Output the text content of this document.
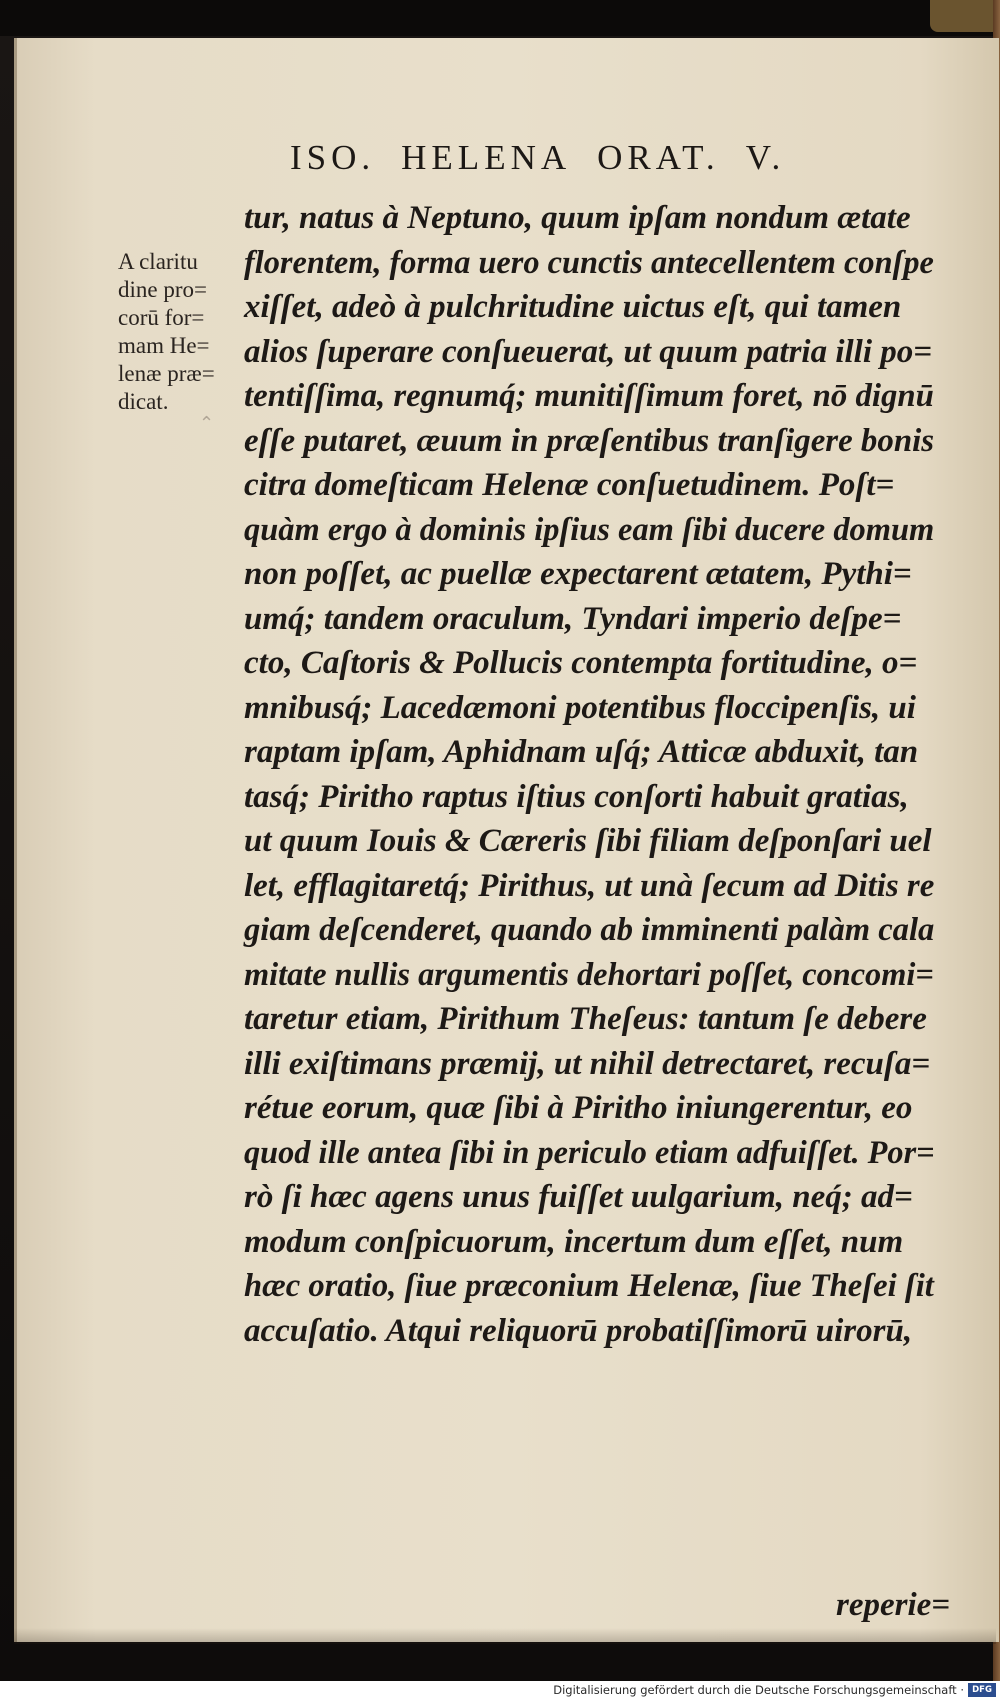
ISO. HELENA ORAT. V.
A claritu
dine pro=
corū for=
mam He=
lenæ præ=
dicat.
⌃
tur, natus à Neptuno, quum ipſam nondum ætate
florentem, forma uero cunctis antecellentem conſpe
xiſſet, adeò à pulchritudine uictus eſt, qui tamen
alios ſuperare conſueuerat, ut quum patria illi po=
tentiſſima, regnumq́; munitiſſimum foret, nō dignū
eſſe putaret, æuum in præſentibus tranſigere bonis
citra domeſticam Helenæ conſuetudinem. Poſt=
quàm ergo à dominis ipſius eam ſibi ducere domum
non poſſet, ac puellæ expectarent ætatem, Pythi=
umq́; tandem oraculum, Tyndari imperio deſpe=
cto, Caſtoris & Pollucis contempta fortitudine, o=
mnibusq́; Lacedæmoni potentibus floccipenſis, ui
raptam ipſam, Aphidnam uſq́; Atticæ abduxit, tan
tasq́; Piritho raptus iſtius conſorti habuit gratias,
ut quum Iouis & Cæreris ſibi filiam deſponſari uel
let, efflagitaretq́; Pirithus, ut unà ſecum ad Ditis re
giam deſcenderet, quando ab imminenti palàm cala
mitate nullis argumentis dehortari poſſet, concomi=
taretur etiam, Pirithum Theſeus: tantum ſe debere
illi exiſtimans præmij, ut nihil detrectaret, recuſa=
rétue eorum, quæ ſibi à Piritho iniungerentur, eo
quod ille antea ſibi in periculo etiam adfuiſſet. Por=
rò ſi hæc agens unus fuiſſet uulgarium, neq́; ad=
modum conſpicuorum, incertum dum eſſet, num
hæc oratio, ſiue præconium Helenæ, ſiue Theſei ſit
accuſatio. Atqui reliquorū probatiſſimorū uirorū,
reperie=
Digitalisierung gefördert durch die Deutsche Forschungsgemeinschaft · DFG
